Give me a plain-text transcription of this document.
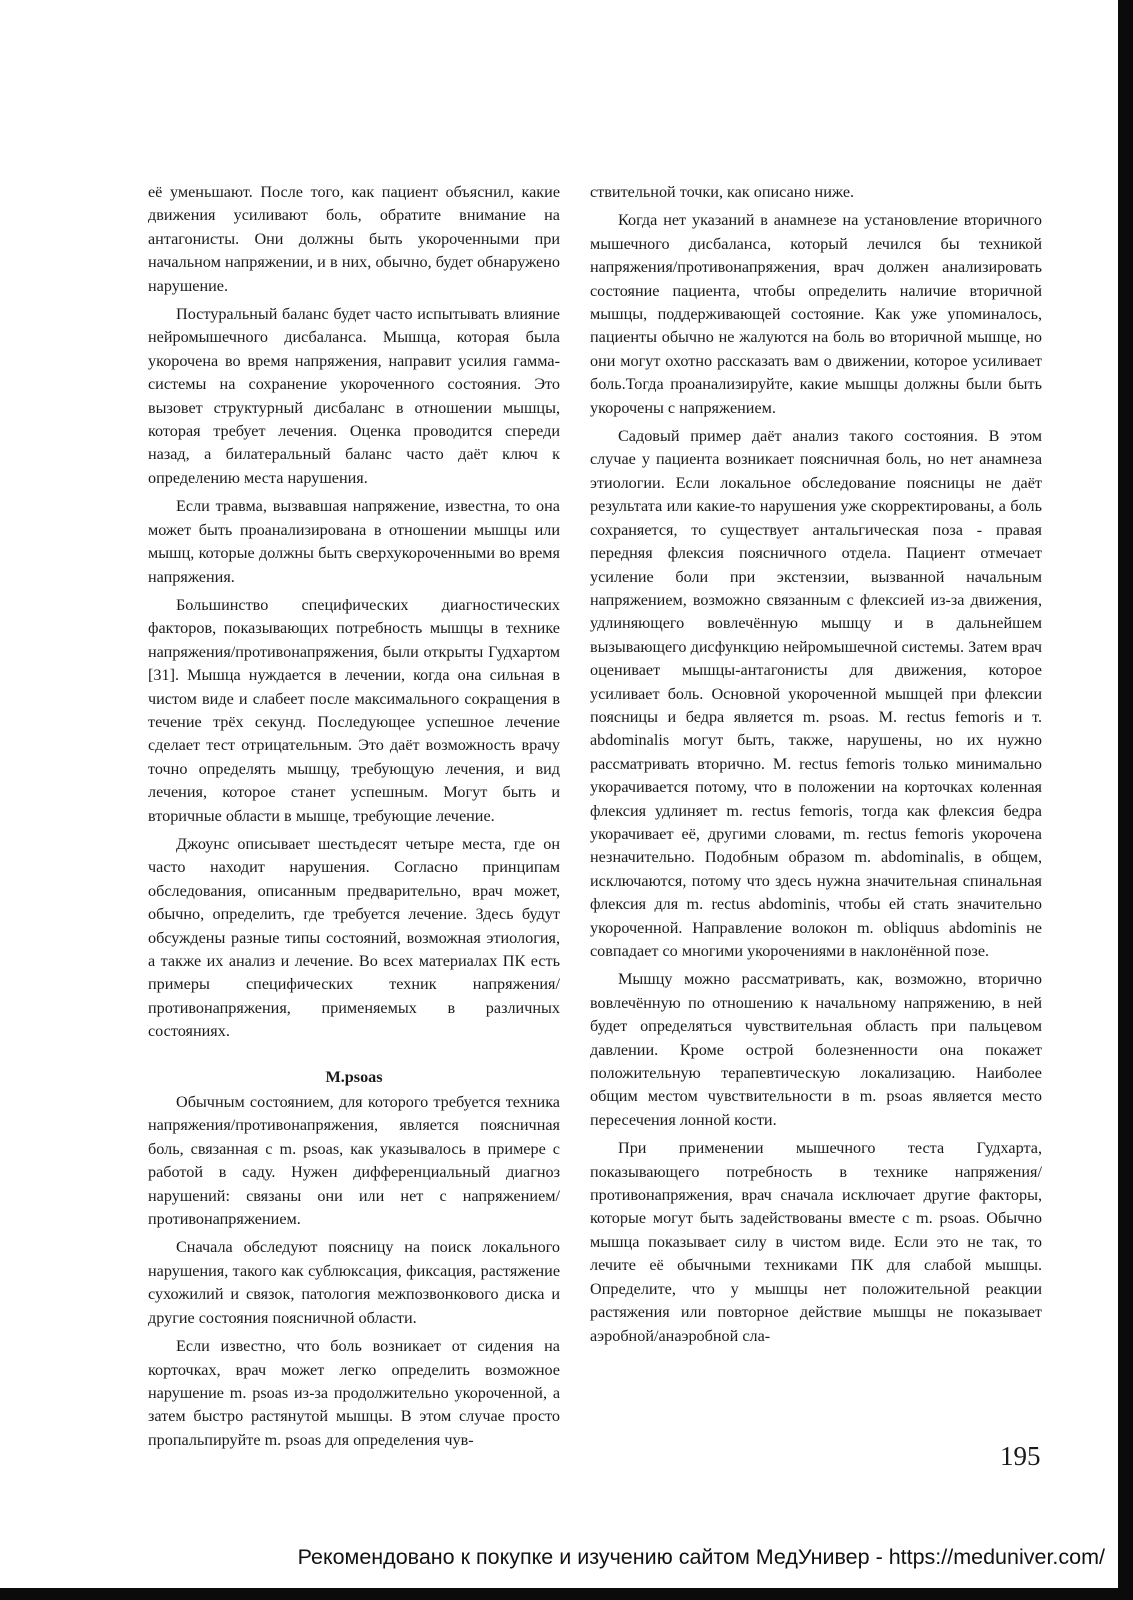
её уменьшают. После того, как пациент объяснил, какие движения усиливают боль, обратите внимание на антагонисты. Они должны быть укороченными при начальном напряжении, и в них, обычно, будет обнаружено нарушение.

Постуральный баланс будет часто испытывать влияние нейромышечного дисбаланса. Мышца, которая была укорочена во время напряжения, направит усилия гамма-системы на сохранение укороченного состояния. Это вызовет структурный дисбаланс в отношении мышцы, которая требует лечения. Оценка проводится спереди назад, а билатеральный баланс часто даёт ключ к определению места нарушения.

Если травма, вызвавшая напряжение, известна, то она может быть проанализирована в отношении мышцы или мышц, которые должны быть сверхукороченными во время напряжения.

Большинство специфических диагностических факторов, показывающих потребность мышцы в технике напряжения/противонапряжения, были открыты Гудхартом [31]. Мышца нуждается в лечении, когда она сильная в чистом виде и слабеет после максимального сокращения в течение трёх секунд. Последующее успешное лечение сделает тест отрицательным. Это даёт возможность врачу точно определять мышцу, требующую лечения, и вид лечения, которое станет успешным. Могут быть и вторичные области в мышце, требующие лечение.

Джоунс описывает шестьдесят четыре места, где он часто находит нарушения. Согласно принципам обследования, описанным предварительно, врач может, обычно, определить, где требуется лечение. Здесь будут обсуждены разные типы состояний, возможная этиология, а также их анализ и лечение. Во всех материалах ПК есть примеры специфических техник напряжения/противонапряжения, применяемых в различных состояниях.

M.psoas

Обычным состоянием, для которого требуется техника напряжения/противонапряжения, является поясничная боль, связанная с m. psoas, как указывалось в примере с работой в саду. Нужен дифференциальный диагноз нарушений: связаны они или нет с напряжением/противонапряжением.

Сначала обследуют поясницу на поиск локального нарушения, такого как сублюксация, фиксация, растяжение сухожилий и связок, патология межпозвонкового диска и другие состояния поясничной области.

Если известно, что боль возникает от сидения на корточках, врач может легко определить возможное нарушение m. psoas из-за продолжительно укороченной, а затем быстро растянутой мышцы. В этом случае просто пропальпируйте m. psoas для определения чув-

ствительной точки, как описано ниже.

Когда нет указаний в анамнезе на установление вторичного мышечного дисбаланса, который лечился бы техникой напряжения/противонапряжения, врач должен анализировать состояние пациента, чтобы определить наличие вторичной мышцы, поддерживающей состояние. Как уже упоминалось, пациенты обычно не жалуются на боль во вторичной мышце, но они могут охотно рассказать вам о движении, которое усиливает боль.Тогда проанализируйте, какие мышцы должны были быть укорочены с напряжением.

Садовый пример даёт анализ такого состояния. В этом случае у пациента возникает поясничная боль, но нет анамнеза этиологии. Если локальное обследование поясницы не даёт результата или какие-то нарушения уже скорректированы, а боль сохраняется, то существует антальгическая поза - правая передняя флексия поясничного отдела. Пациент отмечает усиление боли при экстензии, вызванной начальным напряжением, возможно связанным с флексией из-за движения, удлиняющего вовлечённую мышцу и в дальнейшем вызывающего дисфункцию нейромышечной системы. Затем врач оценивает мышцы-антагонисты для движения, которое усиливает боль. Основной укороченной мышцей при флексии поясницы и бедра является m. psoas. M. rectus femoris и т. abdominalis могут быть, также, нарушены, но их нужно рассматривать вторично. M. rectus femoris только минимально укорачивается потому, что в положении на корточках коленная флексия удлиняет m. rectus femoris, тогда как флексия бедра укорачивает её, другими словами, m. rectus femoris укорочена незначительно. Подобным образом m. abdominalis, в общем, исключаются, потому что здесь нужна значительная спинальная флексия для m. rectus abdominis, чтобы ей стать значительно укороченной. Направление волокон m. obliquus abdominis не совпадает со многими укорочениями в наклонённой позе.

Мышцу можно рассматривать, как, возможно, вторично вовлечённую по отношению к начальному напряжению, в ней будет определяться чувствительная область при пальцевом давлении. Кроме острой болезненности она покажет положительную терапевтическую локализацию. Наиболее общим местом чувствительности в m. psoas является место пересечения лонной кости.

При применении мышечного теста Гудхарта, показывающего потребность в технике напряжения/противонапряжения, врач сначала исключает другие факторы, которые могут быть задействованы вместе с m. psoas. Обычно мышца показывает силу в чистом виде. Если это не так, то лечите её обычными техниками ПК для слабой мышцы. Определите, что у мышцы нет положительной реакции растяжения или повторное действие мышцы не показывает аэробной/анаэробной сла-

195
Рекомендовано к покупке и изучению сайтом МедУнивер - https://meduniver.com/
